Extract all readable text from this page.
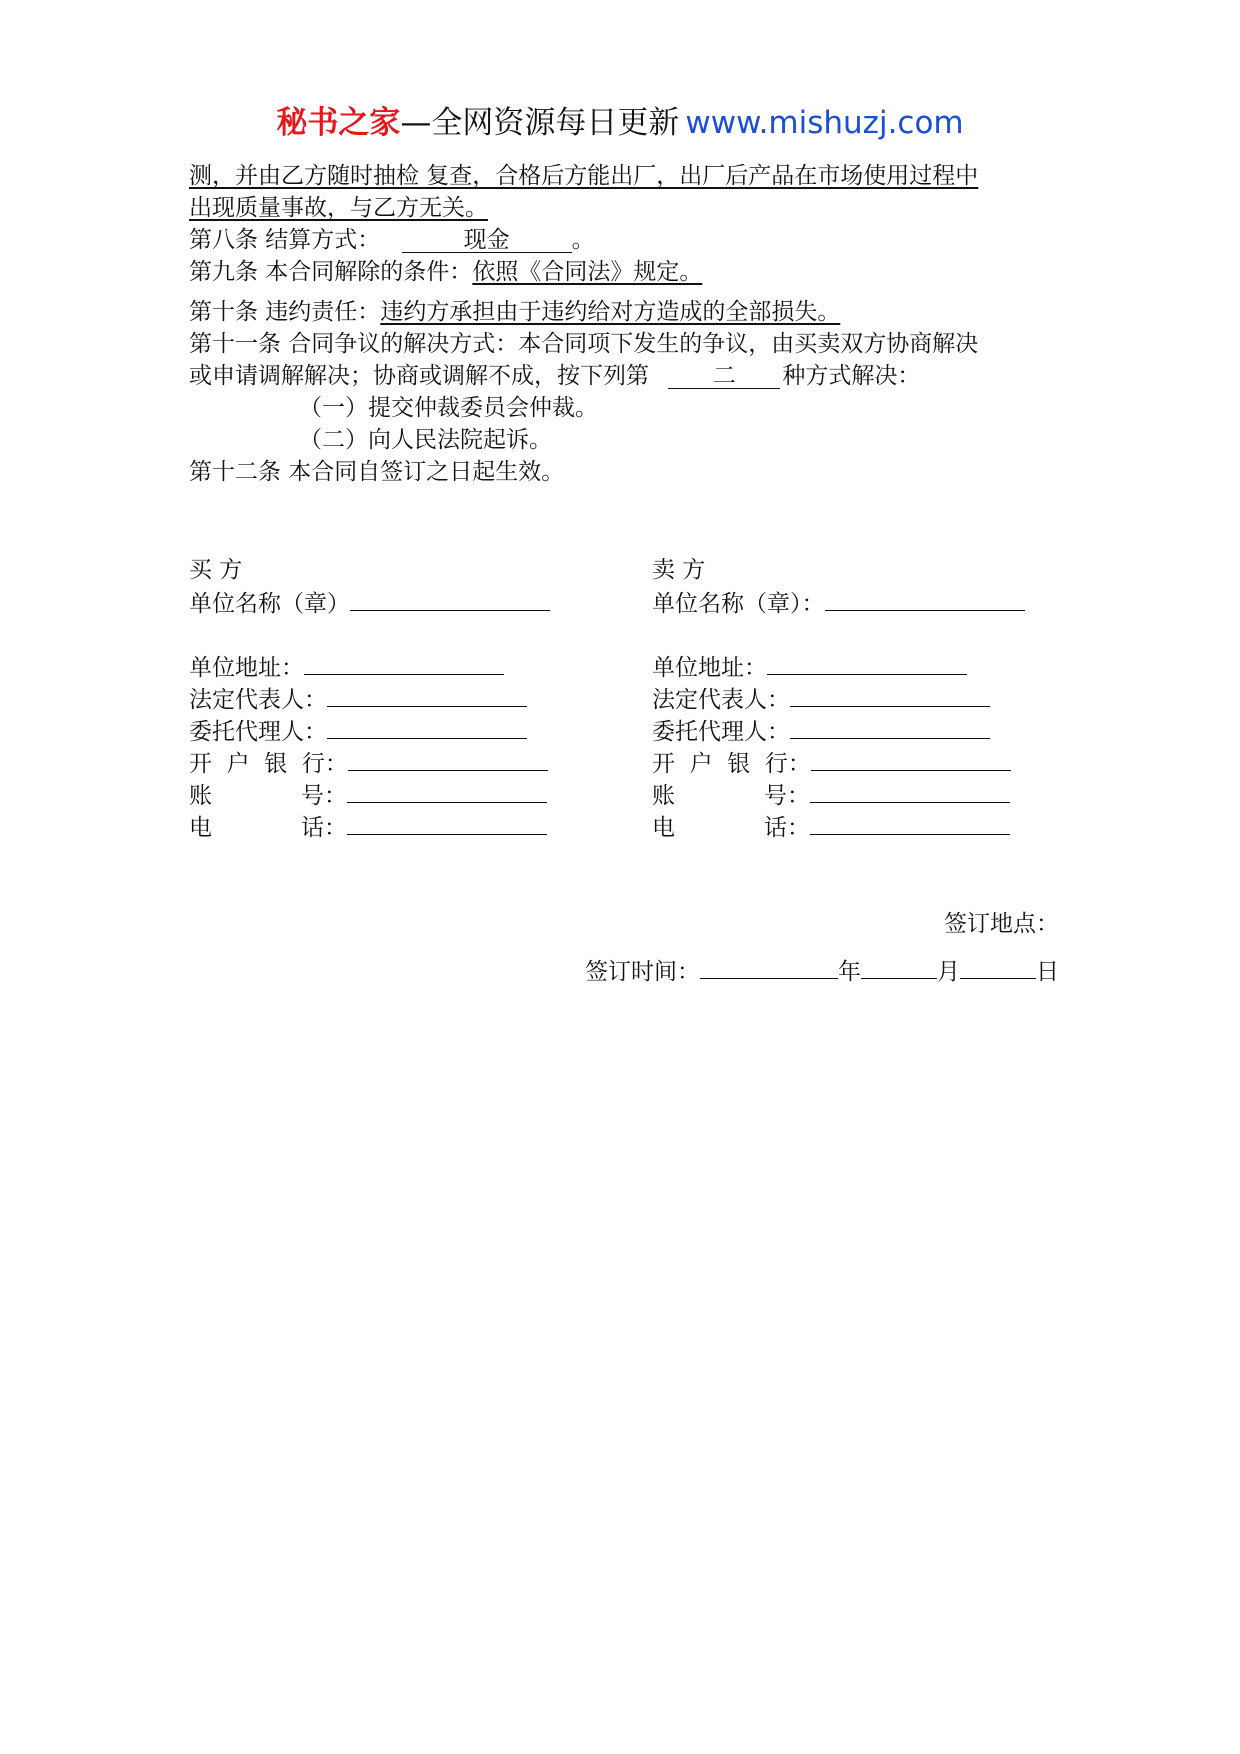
秘书之家—全网资源每日更新 www.mishuzj.com
测，并由乙方随时抽检 复查，合格后方能出厂，出厂后产品在市场使用过程中
出现质量事故，与乙方无关。
第八条 结算方式：	现金	。
第九条 本合同解除的条件：依照《合同法》规定。
第十条 违约责任：违约方承担由于违约给对方造成的全部损失。
第十一条 合同争议的解决方式：本合同项下发生的争议，由买卖双方协商解决
或申请调解解决；协商或调解不成，按下列第	二 种方式解决：
（一）提交仲裁委员会仲裁。
（二）向人民法院起诉。
第十二条 本合同自签订之日起生效。
买 方
单位名称（章）
单位地址：
法定代表人：
委托代理人：
开  户  银  行：
账	号：
电	话：
卖 方
单位名称（章）：
单位地址：
法定代表人：
委托代理人：
开  户  银  行：
账	号：
电	话：
签订地点：
签订时间：	年	月	日
